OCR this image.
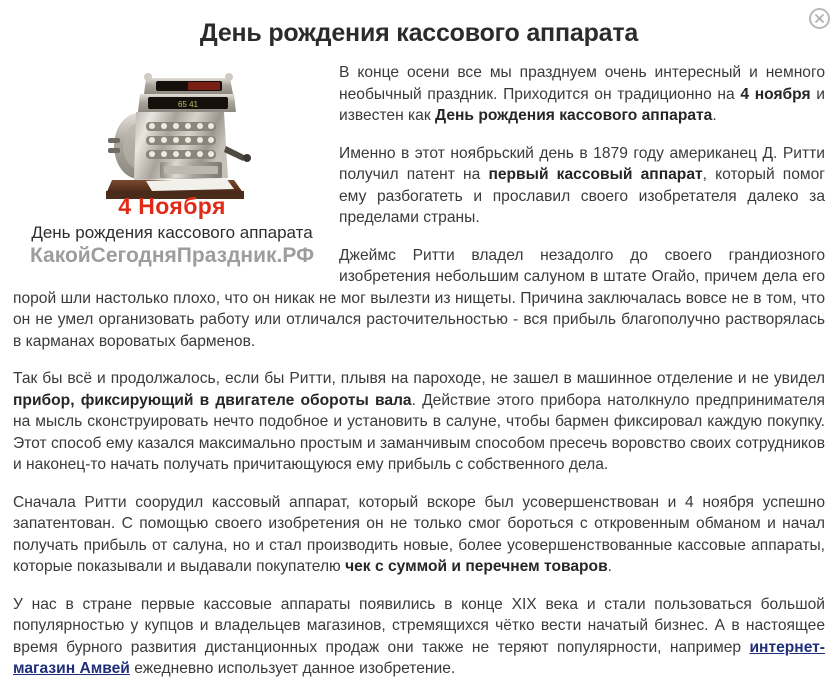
День рождения кассового аппарата
65 41
4 Ноября
День рождения кассового аппарата
КакойСегодняПраздник.РФ

В конце осени все мы празднуем очень интересный и немного необычный праздник. Приходится он традиционно на 4 ноября и известен как День рождения кассового аппарата.

Именно в этот ноябрьский день в 1879 году американец Д. Ритти получил патент на первый кассовый аппарат, который помог ему разбогатеть и прославил своего изобретателя далеко за пределами страны.

Джеймс Ритти владел незадолго до своего грандиозного изобретения небольшим салуном в штате Огайо, причем дела его порой шли настолько плохо, что он никак не мог вылезти из нищеты. Причина заключалась вовсе не в том, что он не умел организовать работу или отличался расточительностью - вся прибыль благополучно растворялась в карманах вороватых барменов.

Так бы всё и продолжалось, если бы Ритти, плывя на пароходе, не зашел в машинное отделение и не увидел прибор, фиксирующий в двигателе обороты вала. Действие этого прибора натолкнуло предпринимателя на мысль сконструировать нечто подобное и установить в салуне, чтобы бармен фиксировал каждую покупку. Этот способ ему казался максимально простым и заманчивым способом пресечь воровство своих сотрудников и наконец-то начать получать причитающуюся ему прибыль с собственного дела.

Сначала Ритти соорудил кассовый аппарат, который вскоре был усовершенствован и 4 ноября успешно запатентован. С помощью своего изобретения он не только смог бороться с откровенным обманом и начал получать прибыль от салуна, но и стал производить новые, более усовершенствованные кассовые аппараты, которые показывали и выдавали покупателю чек с суммой и перечнем товаров.

У нас в стране первые кассовые аппараты появились в конце XIX века и стали пользоваться большой популярностью у купцов и владельцев магазинов, стремящихся чётко вести начатый бизнес. А в настоящее время бурного развития дистанционных продаж они также не теряют популярности, например интернет-магазин Амвей ежедневно использует данное изобретение.
